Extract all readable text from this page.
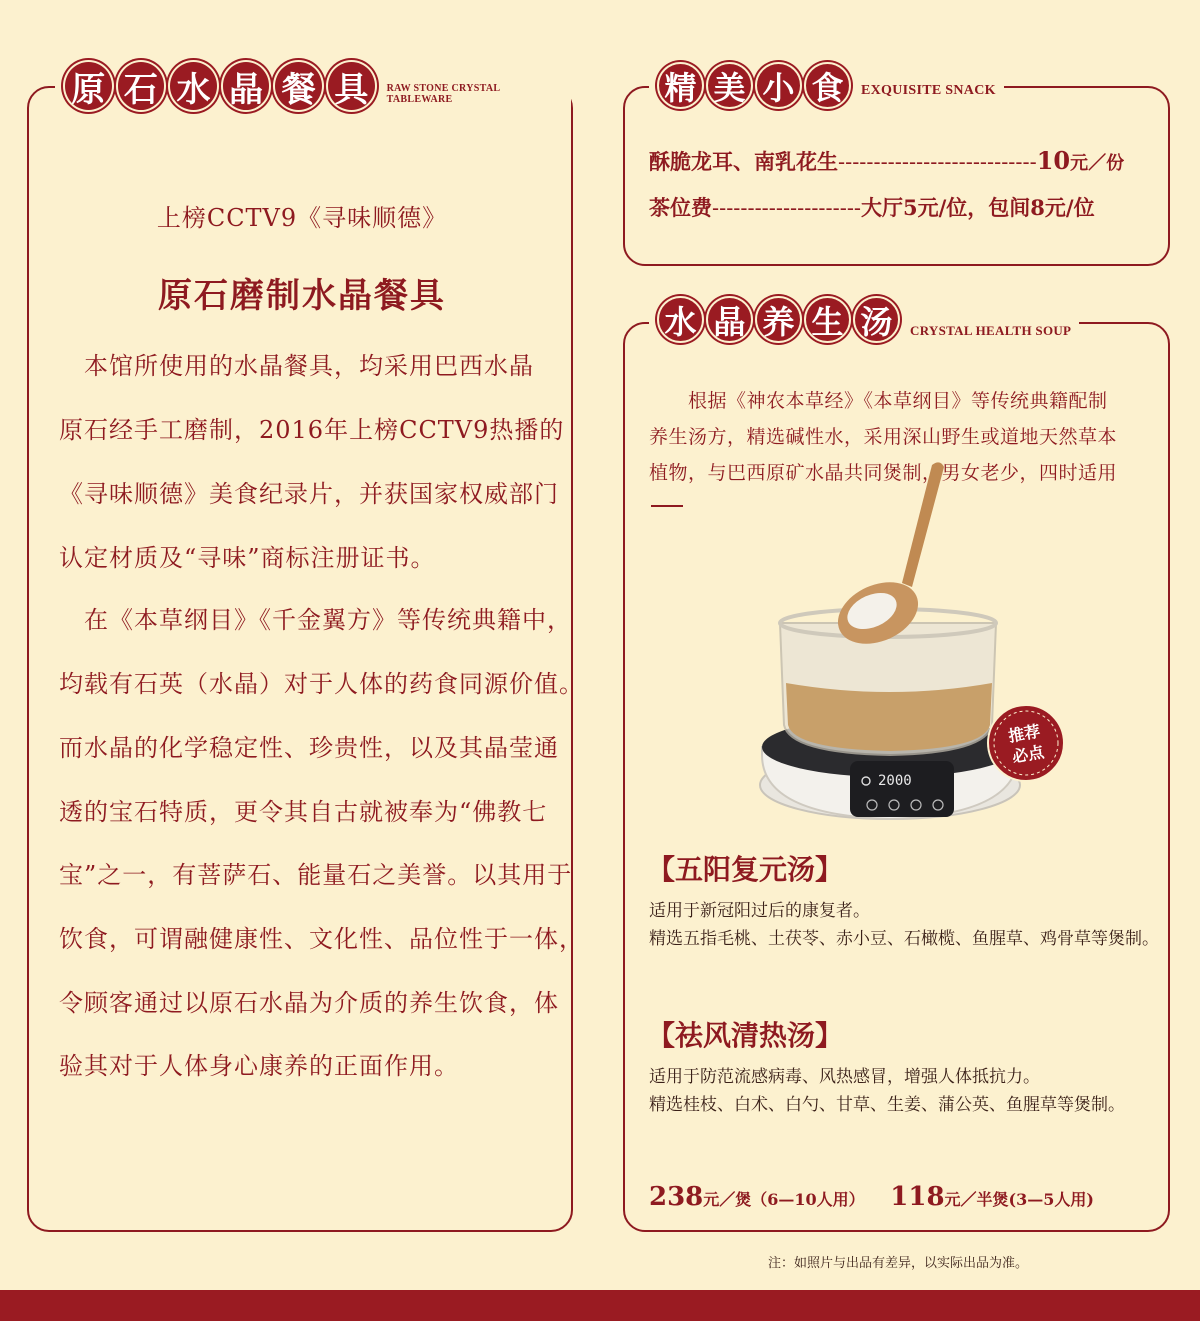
原 石 水 晶 餐 具	RAW STONE CRYSTAL TABLEWARE
上榜CCTV9《寻味顺德》
原石磨制水晶餐具
　本馆所使用的水晶餐具，均采用巴西水晶
原石经手工磨制，2016年上榜CCTV9热播的
《寻味顺德》美食纪录片，并获国家权威部门
认定材质及“寻味”商标注册证书。
　在《本草纲目》《千金翼方》等传统典籍中，
均载有石英（水晶）对于人体的药食同源价值。
而水晶的化学稳定性、珍贵性，以及其晶莹通
透的宝石特质，更令其自古就被奉为“佛教七
宝”之一，有菩萨石、能量石之美誉。以其用于
饮食，可谓融健康性、文化性、品位性于一体，
令顾客通过以原石水晶为介质的养生饮食，体
验其对于人体身心康养的正面作用。
精 美 小 食	EXQUISITE SNACK
酥脆龙耳、南乳花生 ---------------------------- 10 元／份
茶位费 --------------------- 大厅5元/位，包间8元/位
水 晶 养 生 汤	CRYSTAL HEALTH SOUP
　　根据《神农本草经》《本草纲目》等传统典籍配制
养生汤方，精选碱性水，采用深山野生或道地天然草本
植物，与巴西原矿水晶共同煲制，男女老少，四时适用
【五阳复元汤】
适用于新冠阳过后的康复者。
精选五指毛桃、土茯苓、赤小豆、石橄榄、鱼腥草、鸡骨草等煲制。
【祛风清热汤】
适用于防范流感病毒、风热感冒，增强人体抵抗力。
精选桂枝、白术、白勺、甘草、生姜、蒲公英、鱼腥草等煲制。
238元／煲（6—10人用） 118元／半煲(3—5人用)
2000
推荐
必点
注：如照片与出品有差异，以实际出品为准。
